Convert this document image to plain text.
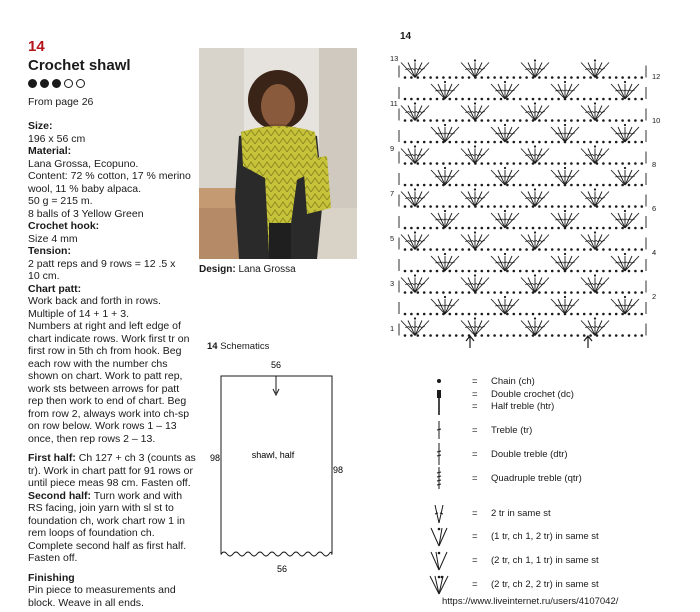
14
Crochet shawl
From page 26

Size:

196 x 56 cm

Material:

Lana Grossa, Ecopuno.
Content: 72 % cotton, 17 % merino
wool, 11 % baby alpaca.
50 g = 215 m.
8 balls of 3 Yellow Green

Crochet hook:

Size 4 mm

Tension:

2 patt reps and 9 rows = 12 .5 x
10 cm.

Chart patt:

Work back and forth in rows.
Multiple of 14 + 1 + 3.
Numbers at right and left edge of
chart indicate rows. Work first tr on
first row in 5th ch from hook. Beg
each row with the number chs
shown on chart. Work to patt rep,
work sts between arrows for patt
rep then work to end of chart. Beg
from row 2, always work into ch-sp
on row below. Work rows 1 – 13
once, then rep rows 2 – 13.

First half: Ch 127 + ch 3 (counts as
tr). Work in chart patt for 91 rows or
until piece meas 98 cm. Fasten off.

Second half: Turn work and with
RS facing, join yarn with sl st to
foundation ch, work chart row 1 in
rem loops of foundation ch.
Complete second half as first half.
Fasten off.

Finishing

Pin piece to measurements and
block. Weave in all ends.

Design: Lana Grossa
14 Schematics
56
56
98
98
shawl, half
14
13
11
9
7
5
3
1
12
10
8
6
4
2
= Chain (ch)
= Double crochet (dc)
= Half treble (htr)
= Treble (tr)
= Double treble (dtr)
= Quadruple treble (qtr)
= 2 tr in same st
= (1 tr, ch 1, 2 tr) in same st
= (2 tr, ch 1, 1 tr) in same st
= (2 tr, ch 2, 2 tr) in same st
https://www.liveinternet.ru/users/4107042/
